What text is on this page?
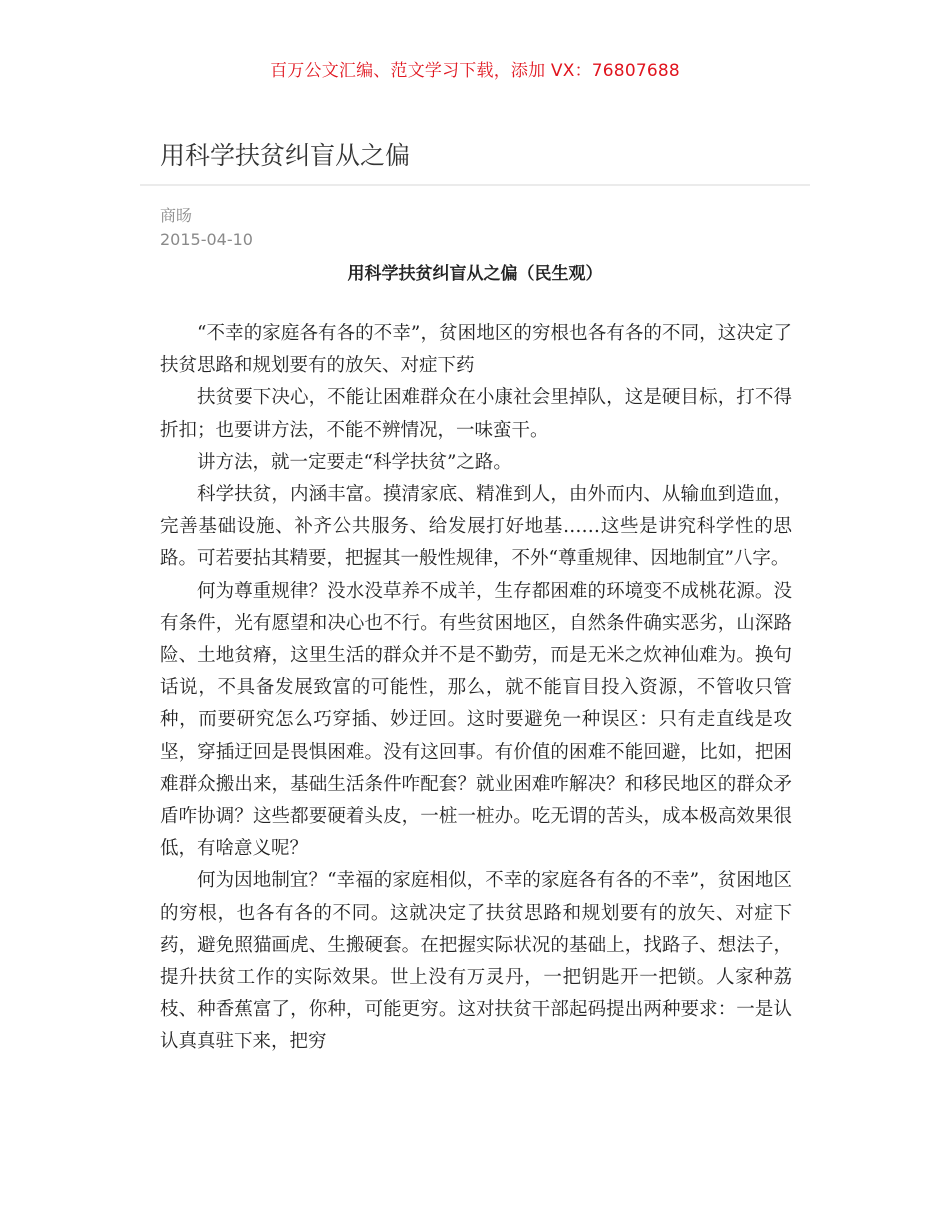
百万公文汇编、范文学习下载，添加 VX：76807688
用科学扶贫纠盲从之偏
商旸
2015-04-10
用科学扶贫纠盲从之偏（民生观）

“不幸的家庭各有各的不幸”，贫困地区的穷根也各有各的不同，这决定了扶贫思路和规划要有的放矢、对症下药

扶贫要下决心，不能让困难群众在小康社会里掉队，这是硬目标，打不得折扣；也要讲方法，不能不辨情况，一味蛮干。

讲方法，就一定要走“科学扶贫”之路。

科学扶贫，内涵丰富。摸清家底、精准到人，由外而内、从输血到造血，完善基础设施、补齐公共服务、给发展打好地基……这些是讲究科学性的思路。可若要拈其精要，把握其一般性规律，不外“尊重规律、因地制宜”八字。

何为尊重规律？没水没草养不成羊，生存都困难的环境变不成桃花源。没有条件，光有愿望和决心也不行。有些贫困地区，自然条件确实恶劣，山深路险、土地贫瘠，这里生活的群众并不是不勤劳，而是无米之炊神仙难为。换句话说，不具备发展致富的可能性，那么，就不能盲目投入资源，不管收只管种，而要研究怎么巧穿插、妙迂回。这时要避免一种误区：只有走直线是攻坚，穿插迂回是畏惧困难。没有这回事。有价值的困难不能回避，比如，把困难群众搬出来，基础生活条件咋配套？就业困难咋解决？和移民地区的群众矛盾咋协调？这些都要硬着头皮，一桩一桩办。吃无谓的苦头，成本极高效果很低，有啥意义呢？

何为因地制宜？“幸福的家庭相似，不幸的家庭各有各的不幸”，贫困地区的穷根，也各有各的不同。这就决定了扶贫思路和规划要有的放矢、对症下药，避免照猫画虎、生搬硬套。在把握实际状况的基础上，找路子、想法子，提升扶贫工作的实际效果。世上没有万灵丹，一把钥匙开一把锁。人家种荔枝、种香蕉富了，你种，可能更穷。这对扶贫干部起码提出两种要求：一是认认真真驻下来，把穷
